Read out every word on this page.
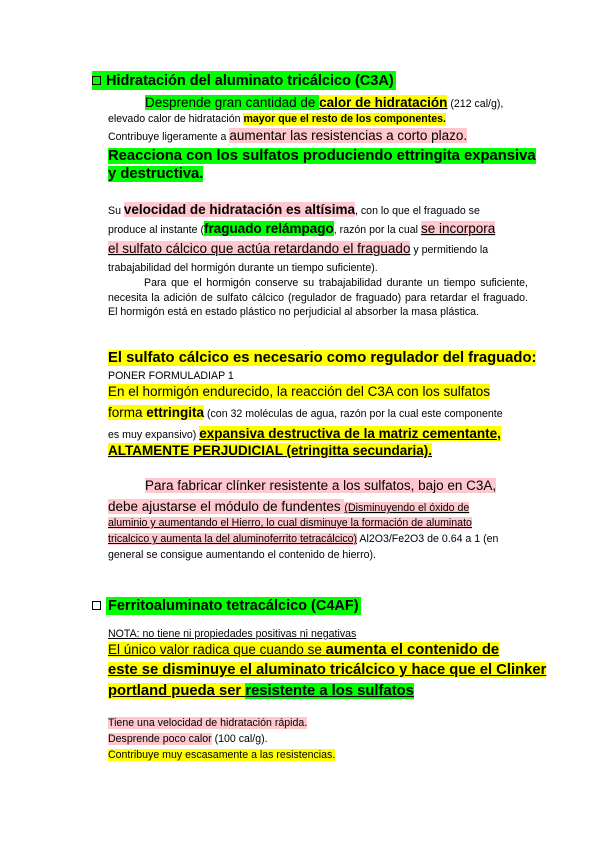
Hidratación del aluminato tricálcico (C3A)
Desprende gran cantidad de calor de hidratación (212 cal/g),
elevado calor de hidratación mayor que el resto de los componentes.
Contribuye ligeramente a aumentar las resistencias a corto plazo.
Reacciona con los sulfatos produciendo ettringita expansiva
y destructiva.
Su velocidad de hidratación es altísima, con lo que el fraguado se
produce al instante (fraguado relámpago, razón por la cual se incorpora
el sulfato cálcico que actúa retardando el fraguado y permitiendo la
trabajabilidad del hormigón durante un tiempo suficiente).
Para que el hormigón conserve su trabajabilidad durante un tiempo suficiente, necesita la adición de sulfato cálcico (regulador de fraguado) para retardar el fraguado. El hormigón está en estado plástico no perjudicial al absorber la masa plástica.
El sulfato cálcico es necesario como regulador del fraguado:
PONER FORMULADIAP 1
En el hormigón endurecido, la reacción del C3A con los sulfatos
forma ettringita (con 32 moléculas de agua, razón por la cual este componente
es muy expansivo) expansiva destructiva de la matriz cementante,
ALTAMENTE PERJUDICIAL (etringitta secundaria).
Para fabricar clínker resistente a los sulfatos, bajo en C3A,
debe ajustarse el módulo de fundentes (Disminuyendo el óxido de
aluminio y aumentando el Hierro, lo cual disminuye la formación de aluminato
tricalcico y aumenta la del aluminoferrito tetracálcico) Al2O3/Fe2O3 de 0.64 a 1 (en
general se consigue aumentando el contenido de hierro).
Ferritoaluminato tetracálcico (C4AF)
NOTA: no tiene ni propiedades positivas ni negativas
El único valor radica que cuando se aumenta el contenido de
este se disminuye el aluminato tricálcico y hace que el Clinker
portland pueda ser resistente a los sulfatos
Tiene una velocidad de hidratación rápida.
Desprende poco calor (100 cal/g).
Contribuye muy escasamente a las resistencias.
